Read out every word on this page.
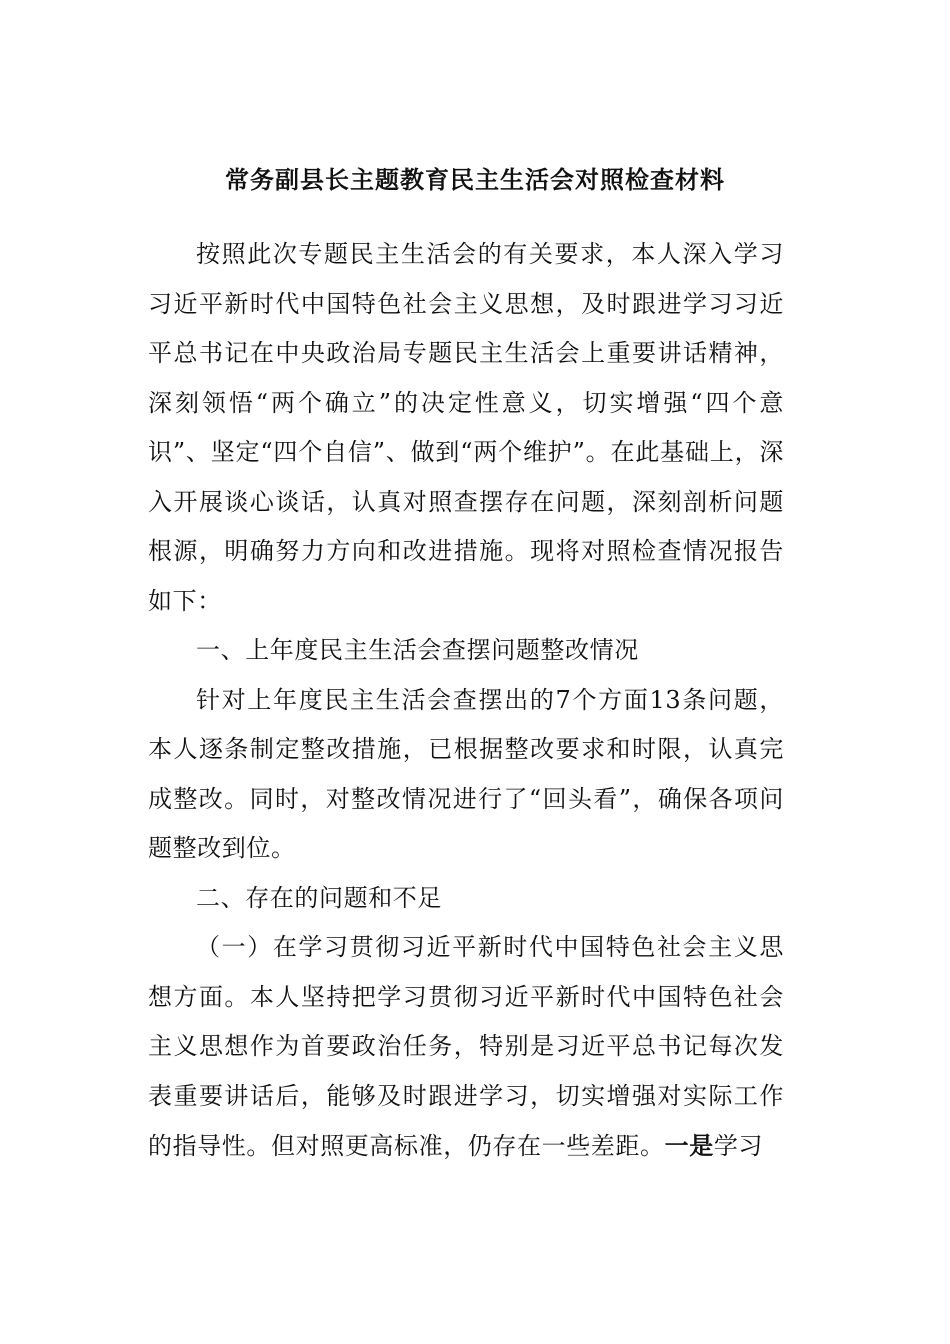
常务副县长主题教育民主生活会对照检查材料

按照此次专题民主生活会的有关要求，本人深入学习习近平新时代中国特色社会主义思想，及时跟进学习习近平总书记在中央政治局专题民主生活会上重要讲话精神，深刻领悟“两个确立”的决定性意义，切实增强“四个意识”、坚定“四个自信”、做到“两个维护”。在此基础上，深入开展谈心谈话，认真对照查摆存在问题，深刻剖析问题根源，明确努力方向和改进措施。现将对照检查情况报告如下：

一、上年度民主生活会查摆问题整改情况

针对上年度民主生活会查摆出的7个方面13条问题，本人逐条制定整改措施，已根据整改要求和时限，认真完成整改。同时，对整改情况进行了“回头看”，确保各项问题整改到位。

二、存在的问题和不足

（一）在学习贯彻习近平新时代中国特色社会主义思想方面。本人坚持把学习贯彻习近平新时代中国特色社会主义思想作为首要政治任务，特别是习近平总书记每次发表重要讲话后，能够及时跟进学习，切实增强对实际工作的指导性。但对照更高标准，仍存在一些差距。一是学习
